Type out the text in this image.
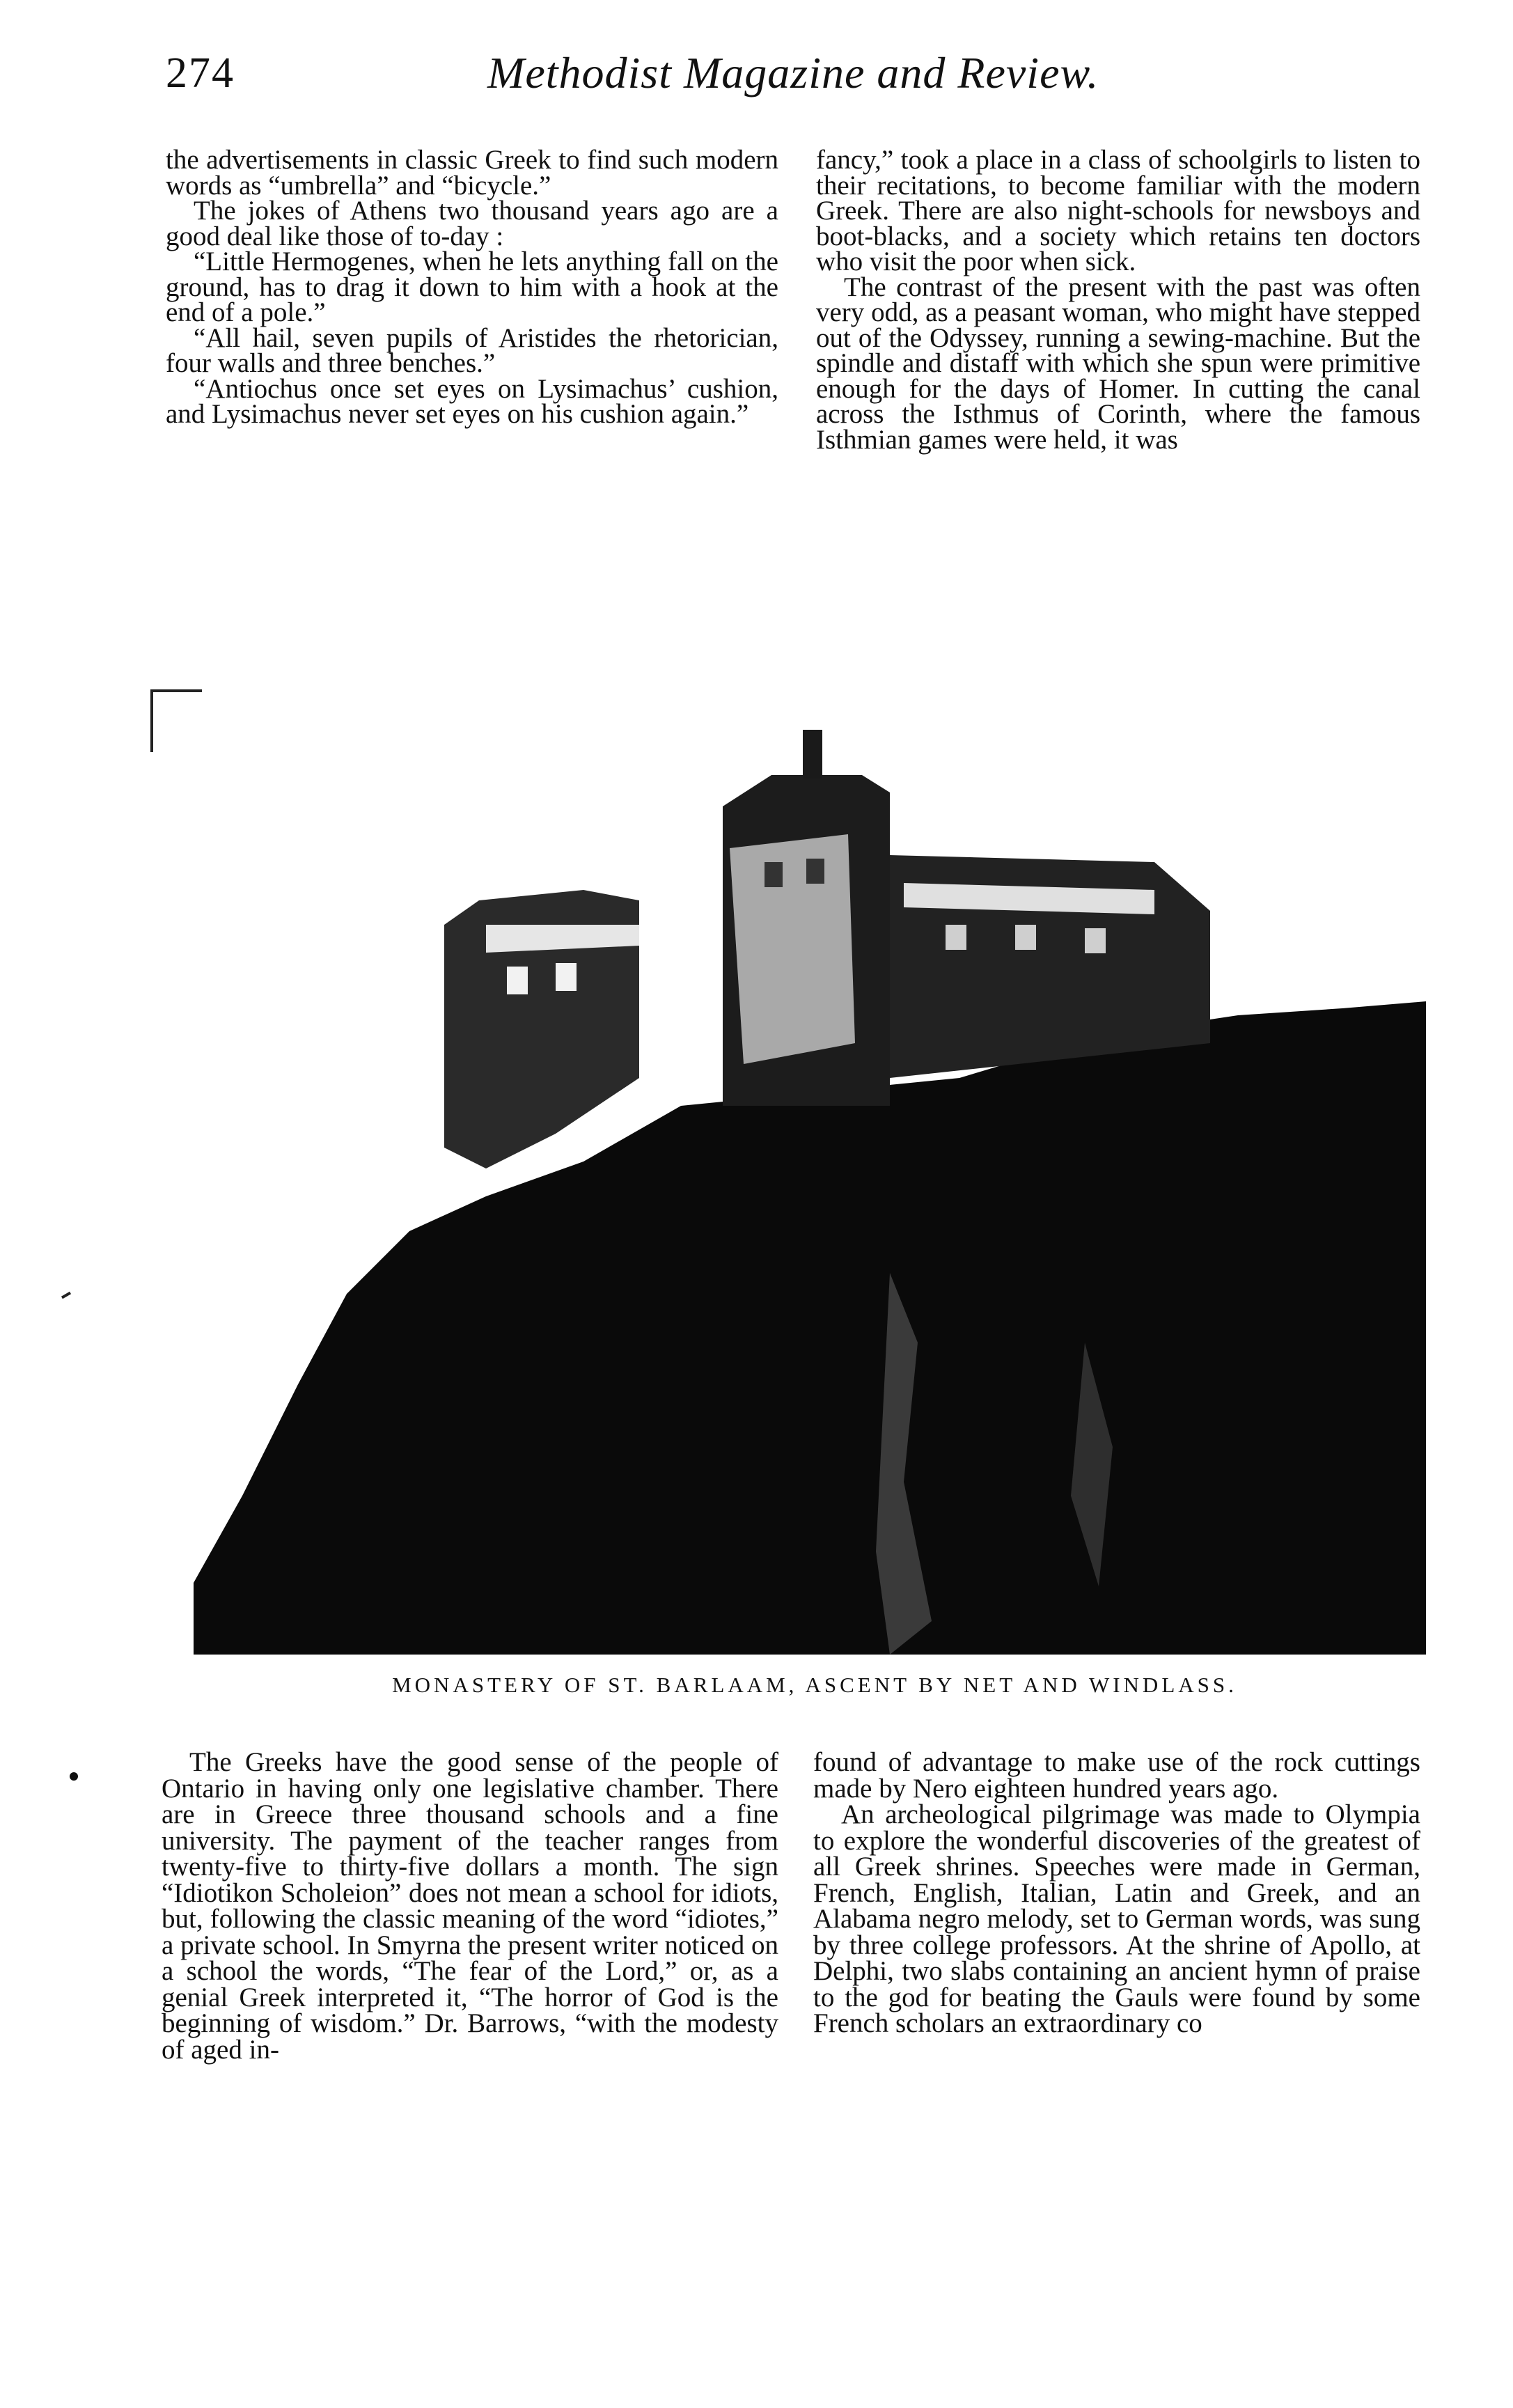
274	Methodist Magazine and Review.

the advertisements in classic Greek to find such modern words as “umbrella” and “bicycle.”

The jokes of Athens two thousand years ago are a good deal like those of to-day :

“Little Hermogenes, when he lets anything fall on the ground, has to drag it down to him with a hook at the end of a pole.”

“All hail, seven pupils of Aristides the rhetorician, four walls and three benches.”

“Antiochus once set eyes on Lysimachus’ cushion, and Lysimachus never set eyes on his cushion again.”

fancy,” took a place in a class of schoolgirls to listen to their recitations, to become familiar with the modern Greek. There are also night-schools for newsboys and boot-blacks, and a society which retains ten doctors who visit the poor when sick.

The contrast of the present with the past was often very odd, as a peasant woman, who might have stepped out of the Odyssey, running a sewing-machine. But the spindle and distaff with which she spun were primitive enough for the days of Homer. In cutting the canal across the Isthmus of Corinth, where the famous Isthmian games were held, it was

MONASTERY OF ST. BARLAAM, ASCENT BY NET AND WINDLASS.

The Greeks have the good sense of the people of Ontario in having only one legislative chamber. There are in Greece three thousand schools and a fine university. The payment of the teacher ranges from twenty-five to thirty-five dollars a month. The sign “Idiotikon Scholeion” does not mean a school for idiots, but, following the classic meaning of the word “idiotes,” a private school. In Smyrna the present writer noticed on a school the words, “The fear of the Lord,” or, as a genial Greek interpreted it, “The horror of God is the beginning of wisdom.” Dr. Barrows, “with the modesty of aged in-

found of advantage to make use of the rock cuttings made by Nero eighteen hundred years ago.

An archeological pilgrimage was made to Olympia to explore the wonderful discoveries of the greatest of all Greek shrines. Speeches were made in German, French, English, Italian, Latin and Greek, and an Alabama negro melody, set to German words, was sung by three college professors. At the shrine of Apollo, at Delphi, two slabs containing an ancient hymn of praise to the god for beating the Gauls were found by some French scholars an extraordinary co
